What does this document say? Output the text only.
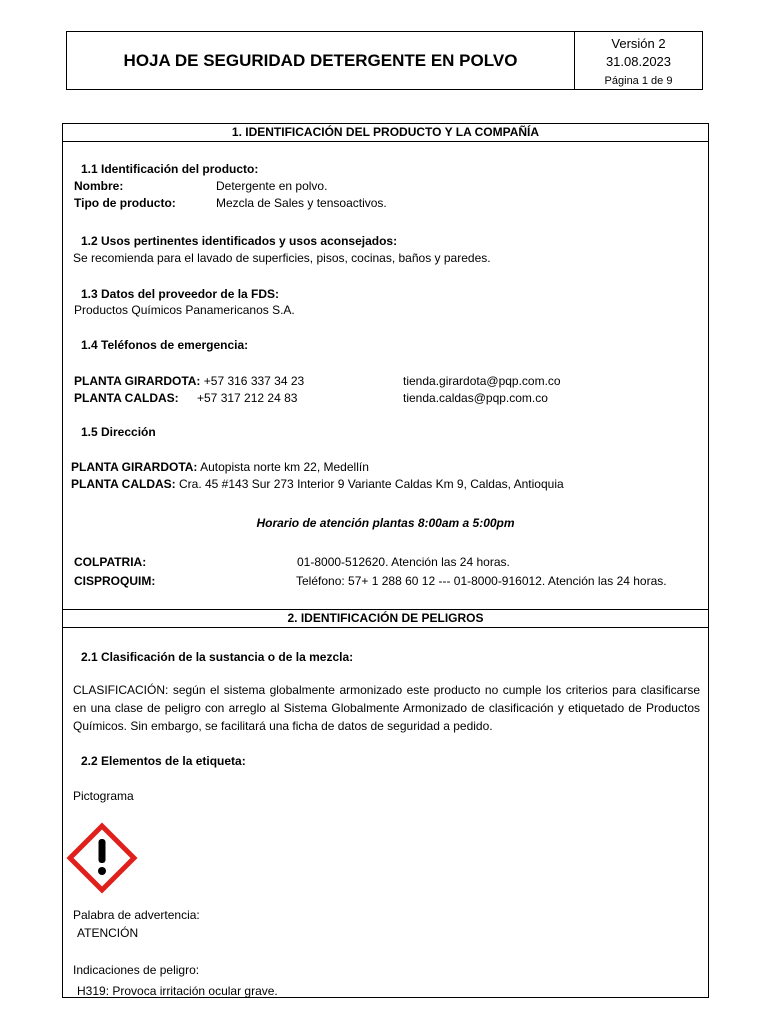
HOJA DE SEGURIDAD DETERGENTE EN POLVO
Versión 2
31.08.2023
Página 1 de 9
1. IDENTIFICACIÓN DEL PRODUCTO Y LA COMPAÑÍA
1.1 Identificación del producto:
Nombre:	Detergente en polvo.
Tipo de producto:	Mezcla de Sales y tensoactivos.
1.2 Usos pertinentes identificados y usos aconsejados:
Se recomienda para el lavado de superficies, pisos, cocinas, baños y paredes.
1.3 Datos del proveedor de la FDS:
Productos Químicos Panamericanos S.A.
1.4 Teléfonos de emergencia:
PLANTA GIRARDOTA: +57 316 337 34 23	tienda.girardota@pqp.com.co
PLANTA CALDAS: +57 317 212 24 83	tienda.caldas@pqp.com.co
1.5 Dirección
PLANTA GIRARDOTA: Autopista norte km 22, Medellín
PLANTA CALDAS: Cra. 45 #143 Sur 273 Interior 9 Variante Caldas Km 9, Caldas, Antioquia
Horario de atención plantas 8:00am a 5:00pm
COLPATRIA:	01-8000-512620. Atención las 24 horas.
CISPROQUIM:	Teléfono: 57+ 1 288 60 12 --- 01-8000-916012. Atención las 24 horas.
2. IDENTIFICACIÓN DE PELIGROS
2.1 Clasificación de la sustancia o de la mezcla:
CLASIFICACIÓN: según el sistema globalmente armonizado este producto no cumple los criterios para clasificarse en una clase de peligro con arreglo al Sistema Globalmente Armonizado de clasificación y etiquetado de Productos Químicos. Sin embargo, se facilitará una ficha de datos de seguridad a pedido.
2.2 Elementos de la etiqueta:
Pictograma
Palabra de advertencia:
ATENCIÓN
Indicaciones de peligro:
H319: Provoca irritación ocular grave.
